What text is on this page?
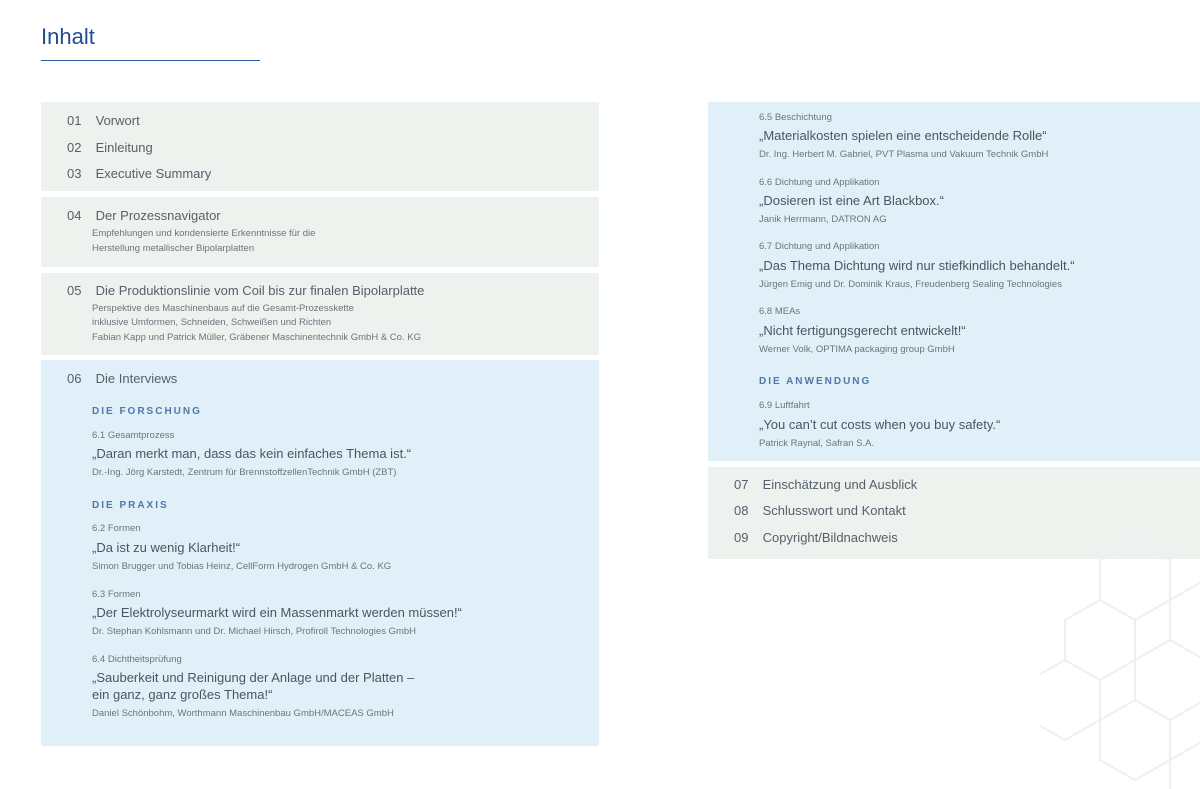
Inhalt
01 Vorwort
02 Einleitung
03 Executive Summary
04 Der Prozessnavigator
Empfehlungen und kondensierte Erkenntnisse für die
Herstellung metallischer Bipolarplatten
05 Die Produktionslinie vom Coil bis zur finalen Bipolarplatte
Perspektive des Maschinenbaus auf die Gesamt-Prozesskette
inklusive Umformen, Schneiden, Schweißen und Richten
Fabian Kapp und Patrick Müller, Gräbener Maschinentechnik GmbH & Co. KG
06 Die Interviews
DIE FORSCHUNG
6.1 Gesamtprozess
„Daran merkt man, dass das kein einfaches Thema ist.“
Dr.-Ing. Jörg Karstedt, Zentrum für BrennstoffzellenTechnik GmbH (ZBT)
DIE PRAXIS
6.2 Formen
„Da ist zu wenig Klarheit!“
Simon Brugger und Tobias Heinz, CellForm Hydrogen GmbH & Co. KG
6.3 Formen
„Der Elektrolyseurmarkt wird ein Massenmarkt werden müssen!“
Dr. Stephan Kohlsmann und Dr. Michael Hirsch, Profiroll Technologies GmbH
6.4 Dichtheitsprüfung
„Sauberkeit und Reinigung der Anlage und der Platten –
ein ganz, ganz großes Thema!“
Daniel Schönbohm, Worthmann Maschinenbau GmbH/MACEAS GmbH
6.5 Beschichtung
„Materialkosten spielen eine entscheidende Rolle“
Dr. Ing. Herbert M. Gabriel, PVT Plasma und Vakuum Technik GmbH
6.6 Dichtung und Applikation
„Dosieren ist eine Art Blackbox.“
Janik Herrmann, DATRON AG
6.7 Dichtung und Applikation
„Das Thema Dichtung wird nur stiefkindlich behandelt.“
Jürgen Emig und Dr. Dominik Kraus, Freudenberg Sealing Technologies
6.8 MEAs
„Nicht fertigungsgerecht entwickelt!“
Werner Volk, OPTIMA packaging group GmbH
DIE ANWENDUNG
6.9 Luftfahrt
„You can’t cut costs when you buy safety.“
Patrick Raynal, Safran S.A.
07 Einschätzung und Ausblick
08 Schlusswort und Kontakt
09 Copyright/Bildnachweis
